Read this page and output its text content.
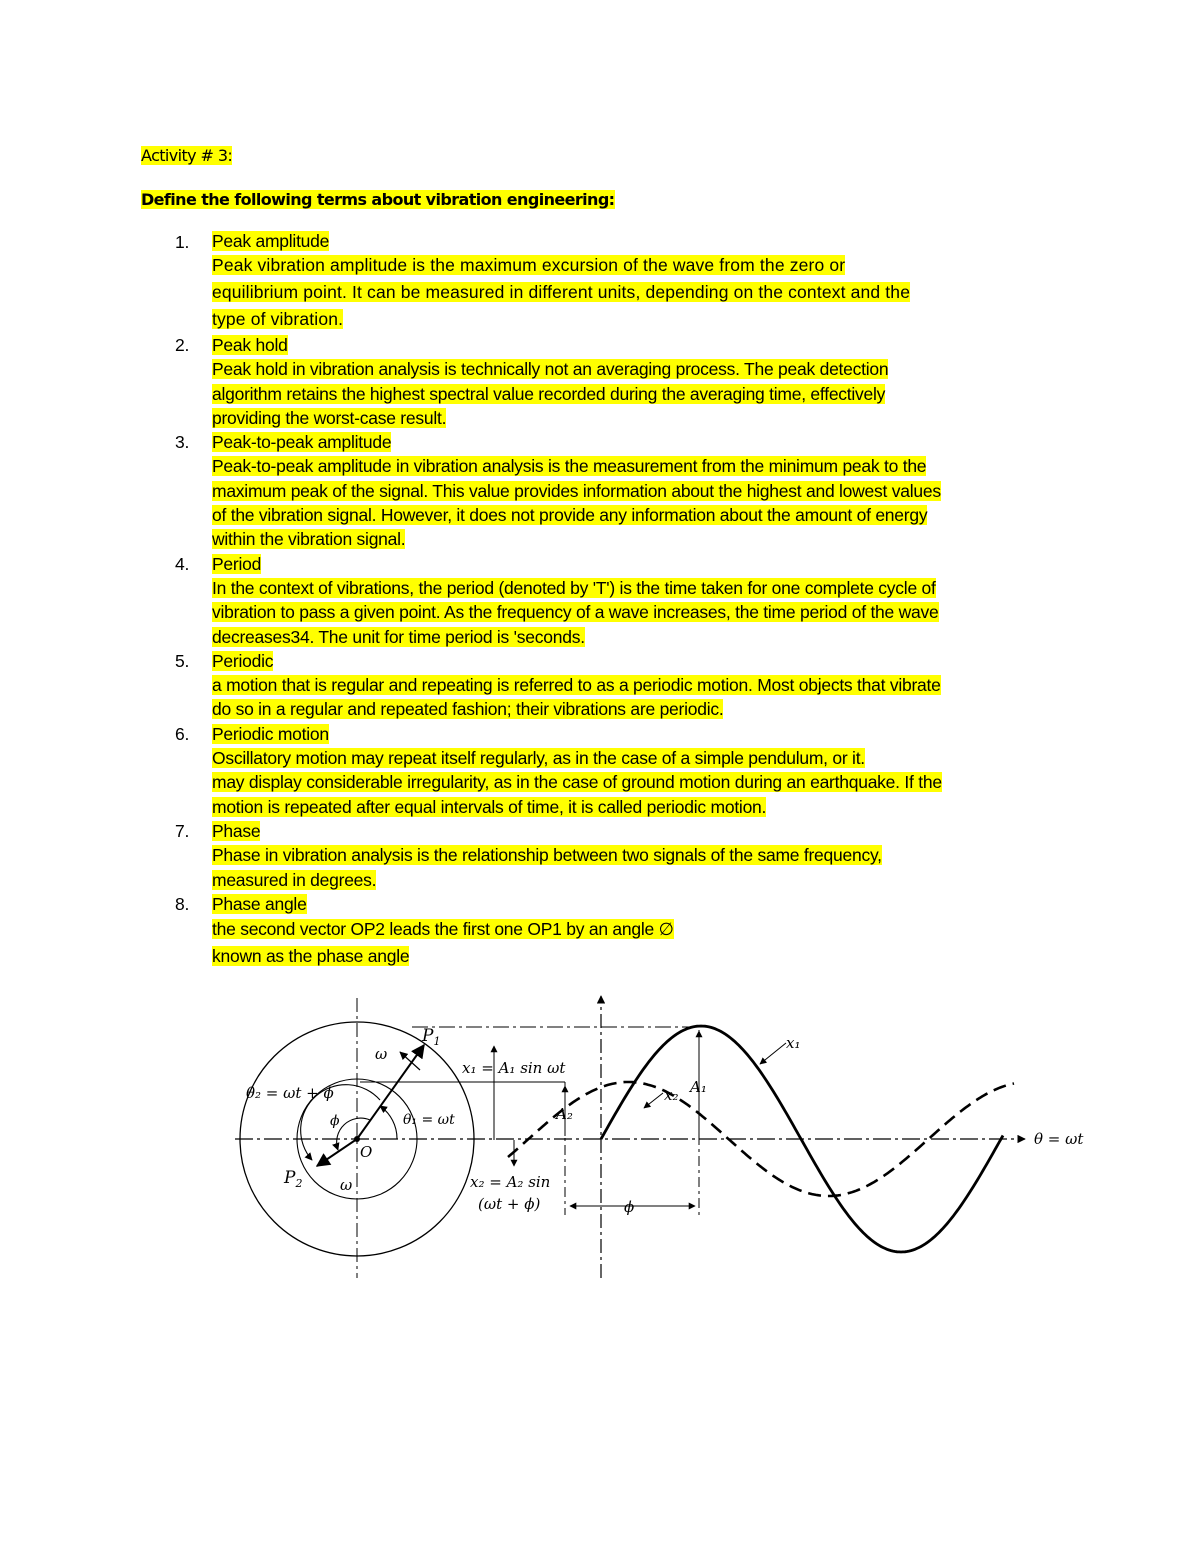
Activity # 3:

Define the following terms about vibration engineering:

1. Peak amplitude
Peak vibration amplitude is the maximum excursion of the wave from the zero or
equilibrium point. It can be measured in different units, depending on the context and the
type of vibration.
2. Peak hold
Peak hold in vibration analysis is technically not an averaging process. The peak detection
algorithm retains the highest spectral value recorded during the averaging time, effectively
providing the worst-case result.
3. Peak-to-peak amplitude
Peak-to-peak amplitude in vibration analysis is the measurement from the minimum peak to the
maximum peak of the signal. This value provides information about the highest and lowest values
of the vibration signal. However, it does not provide any information about the amount of energy
within the vibration signal.
4. Period
In the context of vibrations, the period (denoted by 'T') is the time taken for one complete cycle of
vibration to pass a given point. As the frequency of a wave increases, the time period of the wave
decreases34. The unit for time period is 'seconds.
5. Periodic
a motion that is regular and repeating is referred to as a periodic motion. Most objects that vibrate
do so in a regular and repeated fashion; their vibrations are periodic.
6. Periodic motion
Oscillatory motion may repeat itself regularly, as in the case of a simple pendulum, or it.
may display considerable irregularity, as in the case of ground motion during an earthquake. If the
motion is repeated after equal intervals of time, it is called periodic motion.
7. Phase
Phase in vibration analysis is the relationship between two signals of the same frequency,
measured in degrees.
8. Phase angle
the second vector OP2 leads the first one OP1 by an angle ∅
known as the phase angle
$P_1$
$P_2$
O
ω
ω
θ₂ = ωt + ϕ
θ₁ = ωt
ϕ
x₁ = A₁ sin ωt
x₂ = A₂ sin
(ωt + ϕ)
A₁
A₂
x₁
x₂
θ = ωt
ϕ
